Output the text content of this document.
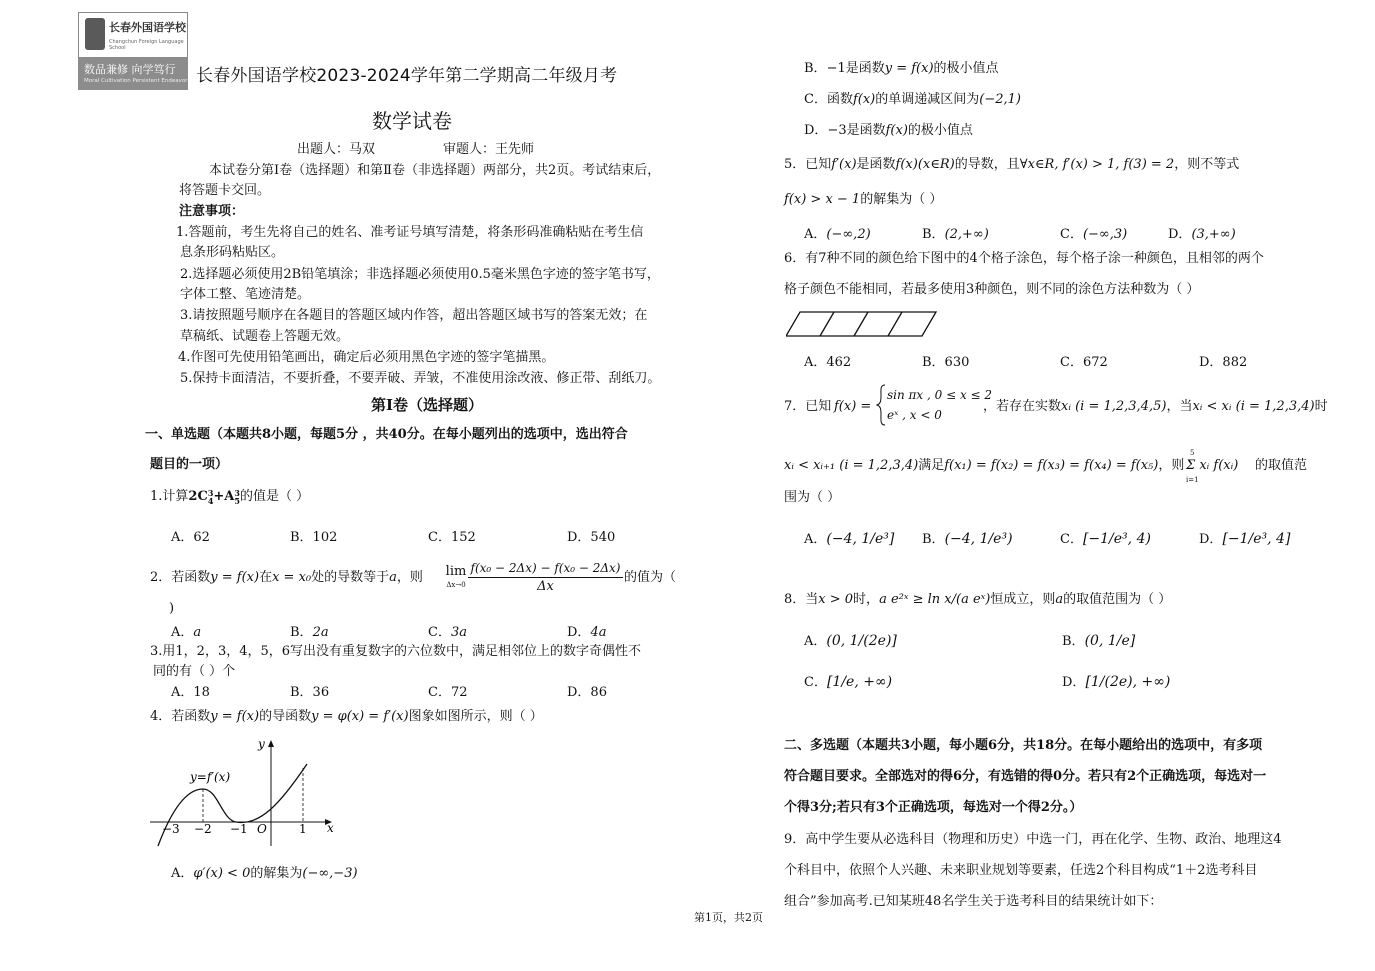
长春外国语学校
Changchun Foreign Language School
数品兼修 向学笃行
Moral Cultivation Persistent Endeavor 长春外国语学校2023-2024学年第二学期高二年级月考
数学试卷
出题人：马双	审题人：王先师
本试卷分第Ⅰ卷（选择题）和第Ⅱ卷（非选择题）两部分，共2页。考试结束后，
将答题卡交回。
注意事项：
1.答题前，考生先将自己的姓名、准考证号填写清楚，将条形码准确粘贴在考生信
息条形码粘贴区。
2.选择题必须使用2B铅笔填涂；非选择题必须使用0.5毫米黑色字迹的签字笔书写，
字体工整、笔迹清楚。
3.请按照题号顺序在各题目的答题区域内作答，超出答题区域书写的答案无效；在
草稿纸、试题卷上答题无效。
4.作图可先使用铅笔画出，确定后必须用黑色字迹的签字笔描黑。
5.保持卡面清洁，不要折叠，不要弄破、弄皱，不准使用涂改液、修正带、刮纸刀。
第Ⅰ卷（选择题）
一、单选题（本题共8小题，每题5分 ，共40分。在每小题列出的选项中，选出符合
题目的一项）
1.计算2C3
4+A3
5的值是（ ）
A．62	B．102	C．152	D．540
2．若函数y = f(x)在x = x₀处的导数等于a，则 lim
$\Delta x\to 0 \frac{\text{f(x₀ − 2Δx) − f(x₀ − 2Δx)}}{\Delta x}$ 的值为（
)
A．a	B．2a	C．3a	D．4a
3.用1，2，3，4，5，6写出没有重复数字的六位数中，满足相邻位上的数字奇偶性不
同的有（ ）个
A．18	B．36	C．72	D．86
4．若函数y = f(x)的导函数y = φ(x) = f′(x)图象如图所示，则（ ）
y=f′(x)
y
x
O
−3 −2 −1	1
A．φ′(x) < 0的解集为(−∞,−3)
B．−1是函数y = f(x)的极小值点
C．函数f(x)的单调递减区间为(−2,1)
D．−3是函数f(x)的极小值点
5．已知f′(x)是函数f(x)(x∈R)的导数，且∀x∈R, f′(x) > 1, f(3) = 2，则不等式
f(x) > x − 1的解集为（ ）
A．(−∞,2)	B．(2,+∞)	C．(−∞,3)	D．(3,+∞)
6．有7种不同的颜色给下图中的4个格子涂色，每个格子涂一种颜色，且相邻的两个
格子颜色不能相同，若最多使用3种颜色，则不同的涂色方法种数为（ ）
A．462	B．630	C．672	D．882
7．已知 f(x) =
sin πx , 0 ≤ x ≤ 2
eˣ , x < 0
，若存在实数xᵢ (i = 1,2,3,4,5)，当xᵢ < xᵢ (i = 1,2,3,4)时
xᵢ < xᵢ₊₁ (i = 1,2,3,4)满足f(x₁) = f(x₂) = f(x₃) = f(x₄) = f(x₅)，则
5
i=1
Σ xᵢ f(xᵢ) 的取值范
围为（ ）
A．(−4, 1/e³] B．(−4, 1/e³)	C．[−1/e³, 4)	D．[−1/e³, 4]
8．当x > 0时，a e²ˣ ≥ ln x/(a eˣ)恒成立，则a的取值范围为（ ）
A．(0, 1/(2e)]	B．(0, 1/e]
C．[1/e, +∞)	D．[1/(2e), +∞)
二、多选题（本题共3小题，每小题6分，共18分。在每小题给出的选项中，有多项
符合题目要求。全部选对的得6分，有选错的得0分。若只有2个正确选项，每选对一
个得3分;若只有3个正确选项，每选对一个得2分。）
9．高中学生要从必选科目（物理和历史）中选一门，再在化学、生物、政治、地理这4
个科目中，依照个人兴趣、未来职业规划等要素，任选2个科目构成“1＋2选考科目
组合”参加高考.已知某班48名学生关于选考科目的结果统计如下：
第1页，共2页
